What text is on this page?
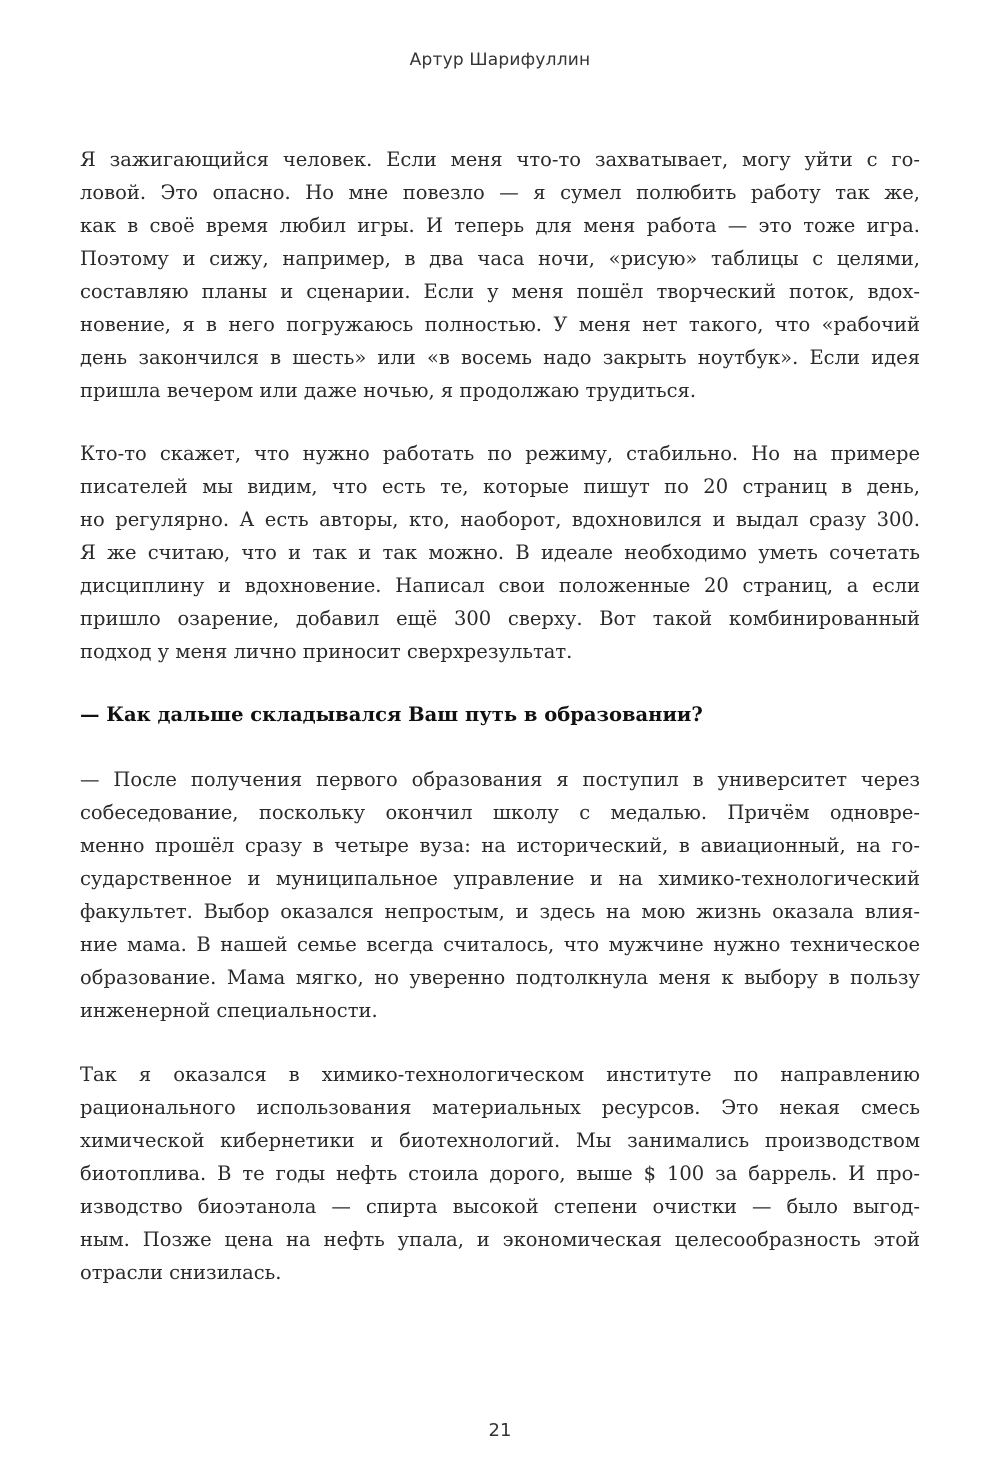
Артур Шарифуллин
Я зажигающийся человек. Если меня что-то захватывает, могу уйти с го-
ловой. Это опасно. Но мне повезло — я сумел полюбить работу так же,
как в своё время любил игры. И теперь для меня работа — это тоже игра.
Поэтому и сижу, например, в два часа ночи, «рисую» таблицы с целями,
составляю планы и сценарии. Если у меня пошёл творческий поток, вдох-
новение, я в него погружаюсь полностью. У меня нет такого, что «рабочий
день закончился в шесть» или «в восемь надо закрыть ноутбук». Если идея
пришла вечером или даже ночью, я продолжаю трудиться.
Кто-то скажет, что нужно работать по режиму, стабильно. Но на примере
писателей мы видим, что есть те, которые пишут по 20 страниц в день,
но регулярно. А есть авторы, кто, наоборот, вдохновился и выдал сразу 300.
Я же считаю, что и так и так можно. В идеале необходимо уметь сочетать
дисциплину и вдохновение. Написал свои положенные 20 страниц, а если
пришло озарение, добавил ещё 300 сверху. Вот такой комбинированный
подход у меня лично приносит сверхрезультат.
— Как дальше складывался Ваш путь в образовании?
— После получения первого образования я поступил в университет через
собеседование, поскольку окончил школу с медалью. Причём одновре-
менно прошёл сразу в четыре вуза: на исторический, в авиационный, на го-
сударственное и муниципальное управление и на химико-технологический
факультет. Выбор оказался непростым, и здесь на мою жизнь оказала влия-
ние мама. В нашей семье всегда считалось, что мужчине нужно техническое
образование. Мама мягко, но уверенно подтолкнула меня к выбору в пользу
инженерной специальности.
Так я оказался в химико-технологическом институте по направлению
рационального использования материальных ресурсов. Это некая смесь
химической кибернетики и биотехнологий. Мы занимались производством
биотоплива. В те годы нефть стоила дорого, выше $ 100 за баррель. И про-
изводство биоэтанола — спирта высокой степени очистки — было выгод-
ным. Позже цена на нефть упала, и экономическая целесообразность этой
отрасли снизилась.
21
